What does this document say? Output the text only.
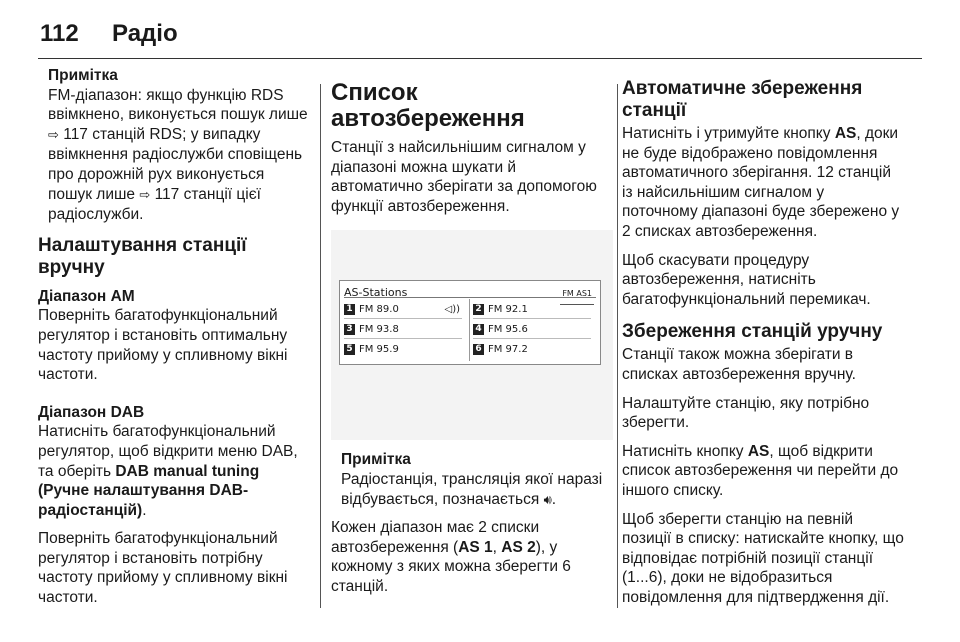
112 Радіо
Примітка
FM-діапазон: якщо функцію RDS ввімкнено, виконується пошук лише ⇨ 117 станцій RDS; у випадку ввімкнення радіослужби сповіщень про дорожній рух виконується пошук лише ⇨ 117 станції цієї радіослужби.
Налаштування станції вручну
Діапазон AM

Поверніть багатофункціональний регулятор і встановіть оптимальну частоту прийому у спливному вікні частоти.

Діапазон DAB

Натисніть багатофункціональний регулятор, щоб відкрити меню DAB, та оберіть DAB manual tuning (Ручне налаштування DAB-радіостанцій).

Поверніть багатофункціональний регулятор і встановіть потрібну частоту прийому у спливному вікні частоти.

Список автозбереження

Станції з найсильнішим сигналом у діапазоні можна шукати й автоматично зберігати за допомогою функції автозбереження.

AS-Stations	FM AS1
1 FM 89.0	◁)) 2 FM 92.1
3 FM 93.8	4 FM 95.6
5 FM 95.9	6 FM 97.2
Примітка
Радіостанція, трансляція якої наразі відбувається, позначається 🔊︎.

Кожен діапазон має 2 списки автозбереження (AS 1, AS 2), у кожному з яких можна зберегти 6 станцій.

Автоматичне збереження станції

Натисніть і утримуйте кнопку AS, доки не буде відображено повідомлення автоматичного зберігання. 12 станцій із найсильнішим сигналом у поточному діапазоні буде збережено у 2 списках автозбереження.

Щоб скасувати процедуру автозбереження, натисніть багатофункціональний перемикач.

Збереження станцій уручну

Станції також можна зберігати в списках автозбереження вручну.

Налаштуйте станцію, яку потрібно зберегти.

Натисніть кнопку AS, щоб відкрити список автозбереження чи перейти до іншого списку.

Щоб зберегти станцію на певній позиції в списку: натискайте кнопку, що відповідає потрібній позиції станції (1...6), доки не відобразиться повідомлення для підтвердження дії.
